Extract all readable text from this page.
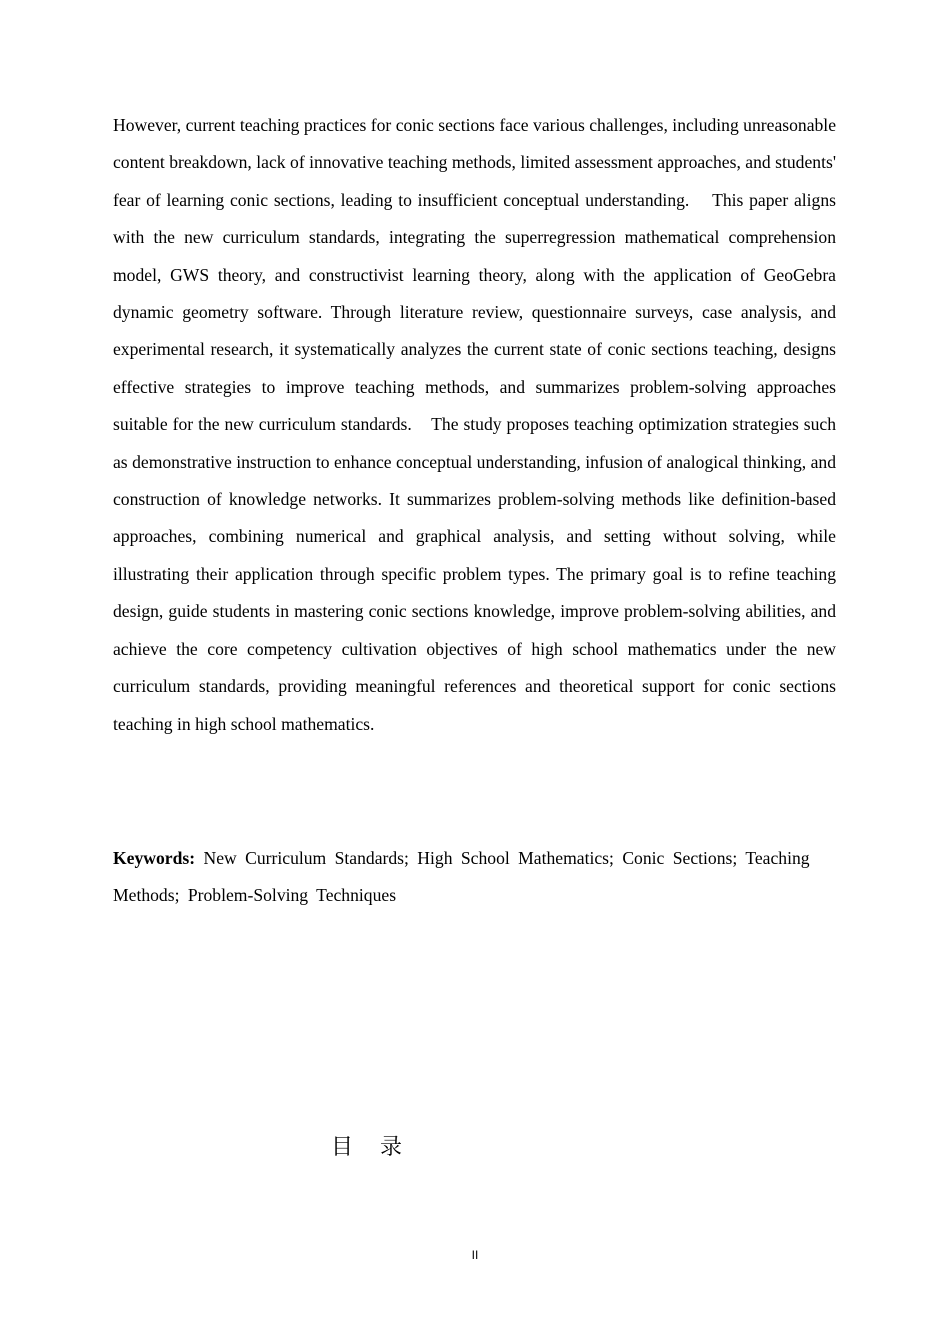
However, current teaching practices for conic sections face various challenges, including unreasonable content breakdown, lack of innovative teaching methods, limited assessment approaches, and students' fear of learning conic sections, leading to insufficient conceptual understanding.    This paper aligns with the new curriculum standards, integrating the superregression mathematical comprehension model, GWS theory, and constructivist learning theory, along with the application of GeoGebra dynamic geometry software. Through literature review, questionnaire surveys, case analysis, and experimental research, it systematically analyzes the current state of conic sections teaching, designs effective strategies to improve teaching methods, and summarizes problem-solving approaches suitable for the new curriculum standards.    The study proposes teaching optimization strategies such as demonstrative instruction to enhance conceptual understanding, infusion of analogical thinking, and construction of knowledge networks. It summarizes problem-solving methods like definition-based approaches, combining numerical and graphical analysis, and setting without solving, while illustrating their application through specific problem types. The primary goal is to refine teaching design, guide students in mastering conic sections knowledge, improve problem-solving abilities, and achieve the core competency cultivation objectives of high school mathematics under the new curriculum standards, providing meaningful references and theoretical support for conic sections teaching in high school mathematics.

Keywords: New Curriculum Standards; High School Mathematics; Conic Sections; Teaching Methods; Problem-Solving Techniques

目 录

II
